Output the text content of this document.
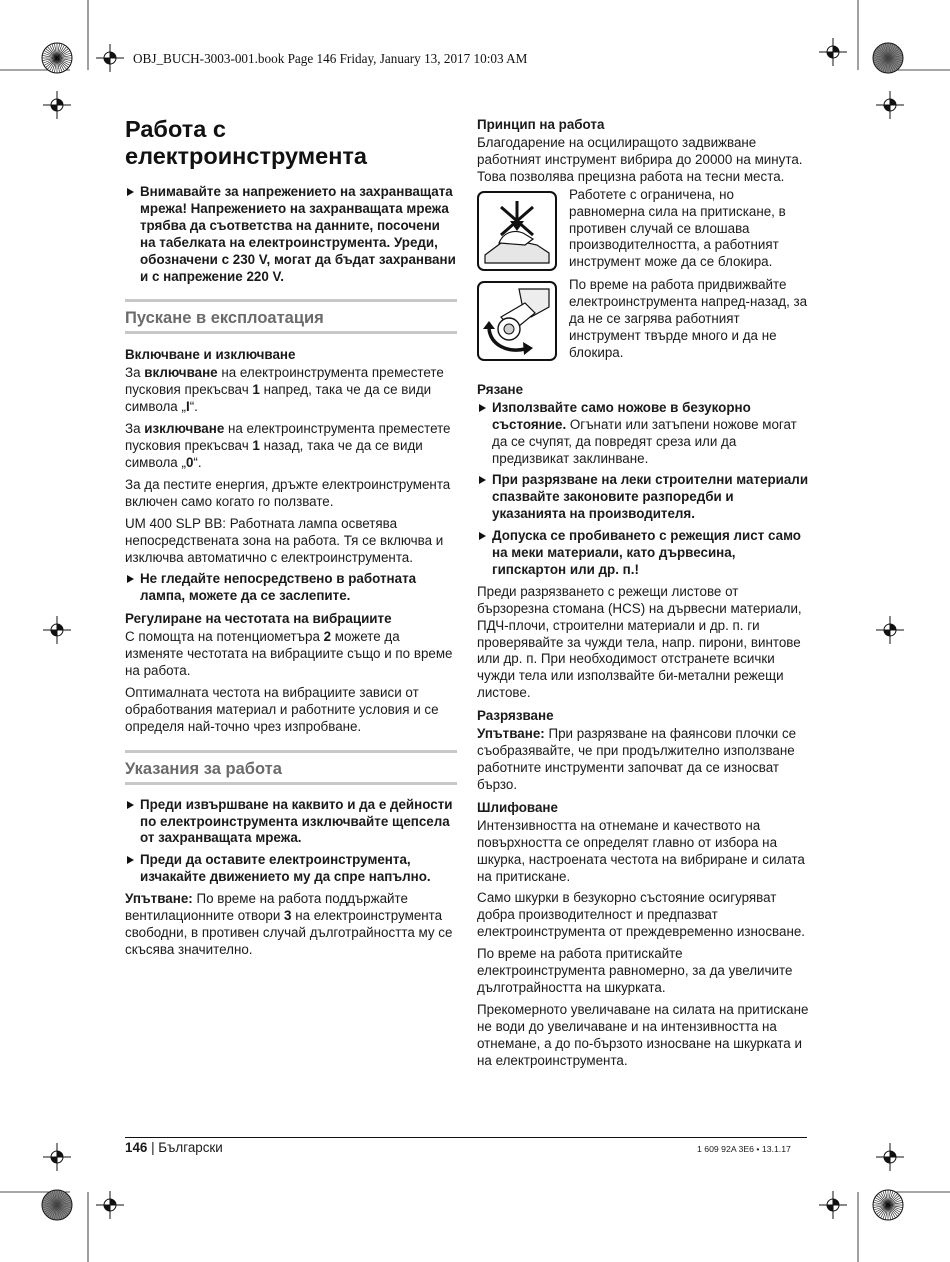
OBJ_BUCH-3003-001.book Page 146 Friday, January 13, 2017 10:03 AM
Работа с електроинструмента

Внимавайте за напрежението на захранващата мрежа! Напрежението на захранващата мрежа трябва да съответства на данните, посочени на табелката на електроинструмента. Уреди, обозначени с 230 V, могат да бъдат захранвани и с напрежение 220 V.

Пускане в експлоатация
Включване и изключване

За включване на електроинструмента преместете пусковия прекъсвач 1 напред, така че да се види символа „I“.

За изключване на електроинструмента преместете пусковия прекъсвач 1 назад, така че да се види символа „0“.

За да пестите енергия, дръжте електроинструмента включен само когато го ползвате.

UM 400 SLP BB: Работната лампа осветява непосредствената зона на работа. Тя се включва и изключва автоматично с електроинструмента.

Не гледайте непосредствено в работната лампа, можете да се заслепите.

Регулиране на честотата на вибрациите

С помощта на потенциометъра 2 можете да изменяте честотата на вибрациите също и по време на работа.

Оптималната честота на вибрациите зависи от обработвания материал и работните условия и се определя най-точно чрез изпробване.

Указания за работа

Преди извършване на каквито и да е дейности по електроинструмента изключвайте щепсела от захранващата мрежа.

Преди да оставите електроинструмента, изчакайте движението му да спре напълно.

Упътване: По време на работа поддържайте вентилационните отвори 3 на електроинструмента свободни, в противен случай дълготрайността му се скъсява значително.

Принцип на работа

Благодарение на осцилиращото задвижване работният инструмент вибрира до 20000 на минута. Това позволява прецизна работа на тесни места.

Работете с ограничена, но равномерна сила на притискане, в противен случай се влошава производителността, а работният инструмент може да се блокира.

По време на работа придвижвайте електроинструмента напред-назад, за да не се загрява работният инструмент твърде много и да не блокира.

Рязане

Използвайте само ножове в безукорно състояние. Огънати или затъпени ножове могат да се счупят, да повредят среза или да предизвикат заклинване.

При разрязване на леки строителни материали спазвайте законовите разпоредби и указанията на производителя.

Допуска се пробиването с режещия лист само на меки материали, като дървесина, гипскартон или др. п.!

Преди разрязването с режещи листове от бързорезна стомана (HCS) на дървесни материали, ПДЧ-плочи, строителни материали и др. п. ги проверявайте за чужди тела, напр. пирони, винтове или др. п. При необходимост отстранете всички чужди тела или използвайте би-метални режещи листове.

Разрязване

Упътване: При разрязване на фаянсови плочки се съобразявайте, че при продължително използване работните инструменти започват да се износват бързо.

Шлифоване

Интензивността на отнемане и качеството на повърхността се определят главно от избора на шкурка, настроената честота на вибриране и силата на притискане.

Само шкурки в безукорно състояние осигуряват добра производителност и предпазват електроинструмента от преждевременно износване.

По време на работа притискайте електроинструмента равномерно, за да увеличите дълготрайността на шкурката.

Прекомерното увеличаване на силата на притискане не води до увеличаване и на интензивността на отнемане, а до по-бързото износване на шкурката и на електроинструмента.

146 | Български	1 609 92A 3E6 • 13.1.17
